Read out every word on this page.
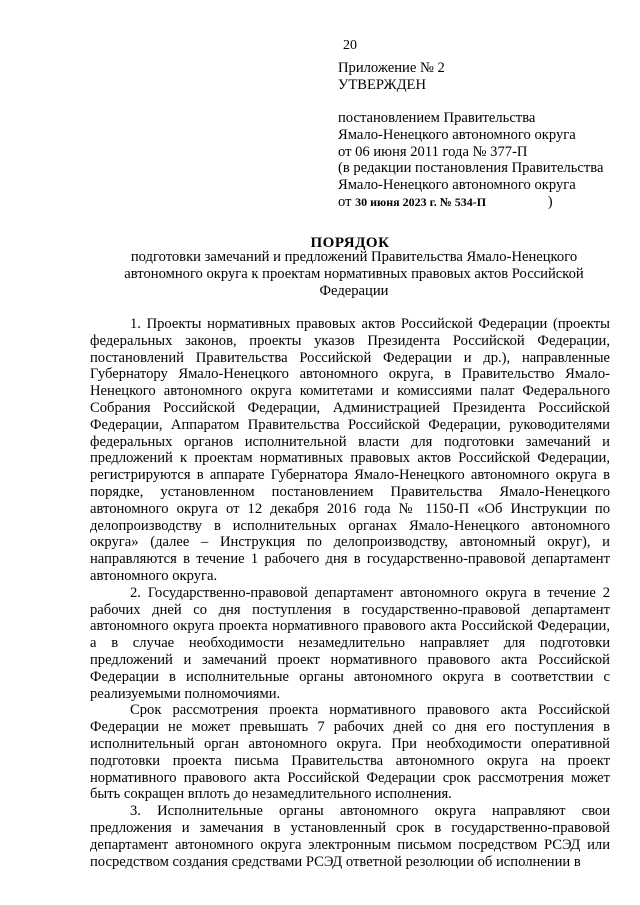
20
Приложение № 2
УТВЕРЖДЕН
постановлением Правительства
Ямало-Ненецкого автономного округа
от 06 июня 2011 года № 377-П
(в редакции постановления Правительства
Ямало-Ненецкого автономного округа
от 30 июня 2023 г. № 534-П	)
ПОРЯДОК
подготовки замечаний и предложений Правительства Ямало-Ненецкого автономного округа к проектам нормативных правовых актов Российской Федерации

1. Проекты нормативных правовых актов Российской Федерации (проекты федеральных законов, проекты указов Президента Российской Федерации, постановлений Правительства Российской Федерации и др.), направленные Губернатору Ямало-Ненецкого автономного округа, в Правительство Ямало-Ненецкого автономного округа комитетами и комиссиями палат Федерального Собрания Российской Федерации, Администрацией Президента Российской Федерации, Аппаратом Правительства Российской Федерации, руководителями федеральных органов исполнительной власти для подготовки замечаний и предложений к проектам нормативных правовых актов Российской Федерации, регистрируются в аппарате Губернатора Ямало-Ненецкого автономного округа в порядке, установленном постановлением Правительства Ямало-Ненецкого автономного округа от 12 декабря 2016 года № 1150-П «Об Инструкции по делопроизводству в исполнительных органах Ямало-Ненецкого автономного округа» (далее – Инструкция по делопроизводству, автономный округ), и направляются в течение 1 рабочего дня в государственно-правовой департамент автономного округа.

2. Государственно-правовой департамент автономного округа в течение 2 рабочих дней со дня поступления в государственно-правовой департамент автономного округа проекта нормативного правового акта Российской Федерации, а в случае необходимости незамедлительно направляет для подготовки предложений и замечаний проект нормативного правового акта Российской Федерации в исполнительные органы автономного округа в соответствии с реализуемыми полномочиями.

Срок рассмотрения проекта нормативного правового акта Российской Федерации не может превышать 7 рабочих дней со дня его поступления в исполнительный орган автономного округа. При необходимости оперативной подготовки проекта письма Правительства автономного округа на проект нормативного правового акта Российской Федерации срок рассмотрения может быть сокращен вплоть до незамедлительного исполнения.

3. Исполнительные органы автономного округа направляют свои предложения и замечания в установленный срок в государственно-правовой департамент автономного округа электронным письмом посредством РСЭД или посредством создания средствами РСЭД ответной резолюции об исполнении в
